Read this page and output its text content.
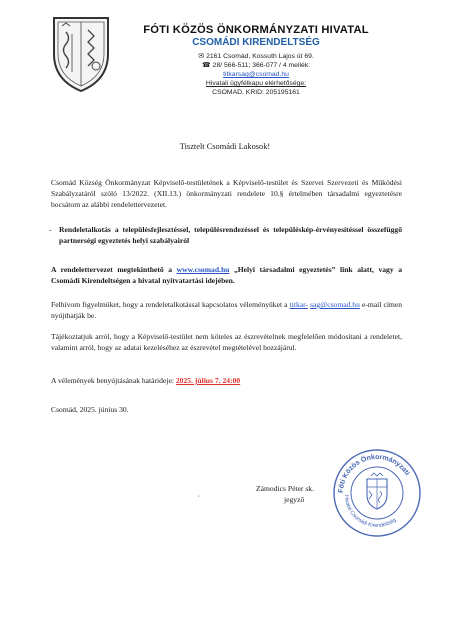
FÓTI KÖZÖS ÖNKORMÁNYZATI HIVATAL
CSOMÁDI KIRENDELTSÉG
✉ 2161 Csomád, Kossuth Lajos út 69.
☎ 28/ 566-511; 366-077 / 4 mellék:
titkarsag@csomad.hu
Hivatali ügyfélkapu elérhetősége:
CSOMAD, KRID: 205195161
Tisztelt Csomádi Lakosok!
Csomád Község Önkormányzat Képviselő-testületének a Képviselő-testület és Szervei Szervezeti és Működési Szabályzatáról szóló 13/2022. (XII.13.) önkormányzati rendelete 10.§ értelmében társadalmi egyeztetésre bocsátom az alábbi rendelettervezetet.
- Rendeletalkotás a településfejlesztéssel, településrendezéssel és településkép-érvényesítéssel összefüggő partnerségi egyeztetés helyi szabályairól
A rendelettervezet megtekinthető a www.csomad.hu „Helyi társadalmi egyeztetés” link alatt, vagy a Csomádi Kirendeltségen a hivatal nyitvatartási idejében.
Felhívom figyelmüket, hogy a rendeletalkotással kapcsolatos véleményüket a titkar- sag@csomad.hu e-mail címen nyújthatják be.
Tájékoztatjuk arról, hogy a Képviselő-testület nem köteles az észrevételnek megfelelően módosítani a rendeletet, valamint arról, hogy az adatai kezeléséhez az észrevétel megtételével hozzájárul.
A vélemények benyújtásának határideje: 2025. július 7. 24:00
Csomád, 2025. június 30.
,
Főti Közös Önkormányzati
Hivatal Csomádi Kirendeltség
Zámodics Péter sk.
jegyző
